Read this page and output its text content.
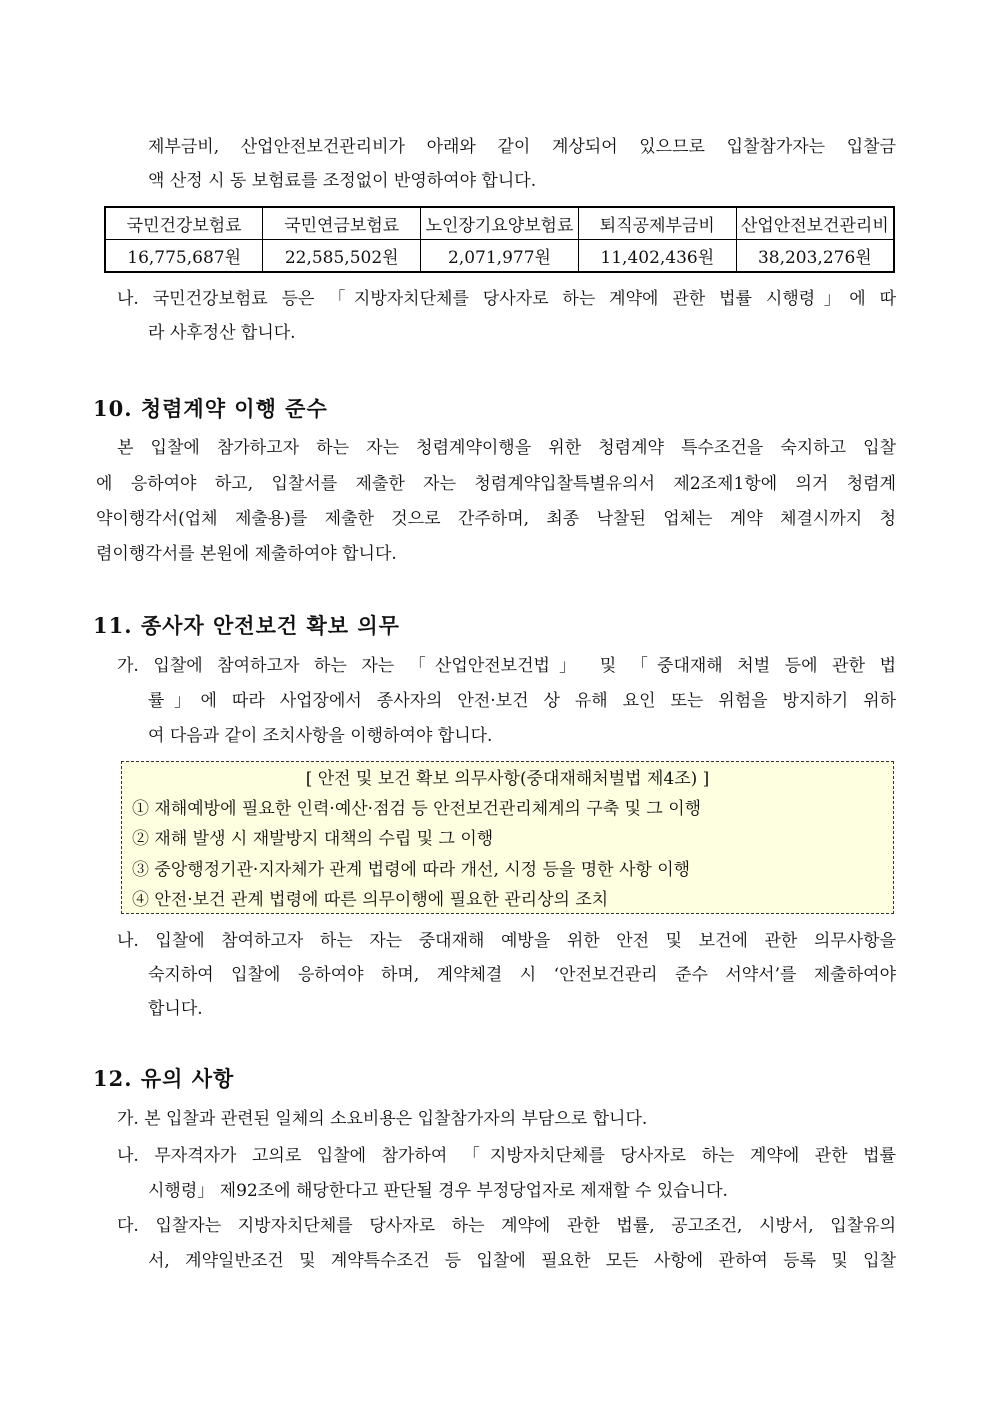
제부금비, 산업안전보건관리비가 아래와 같이 계상되어 있으므로 입찰참가자는 입찰금
액 산정 시 동 보험료를 조정없이 반영하여야 합니다.
국민건강보험료	국민연금보험료	노인장기요양보험료	퇴직공제부금비	산업안전보건관리비
16,775,687원	22,585,502원	2,071,977원	11,402,436원	38,203,276원
나. 국민건강보험료 등은 「지방자치단체를 당사자로 하는 계약에 관한 법률 시행령」에 따
라 사후정산 합니다.
10. 청렴계약 이행 준수
본 입찰에 참가하고자 하는 자는 청렴계약이행을 위한 청렴계약 특수조건을 숙지하고 입찰
에 응하여야 하고, 입찰서를 제출한 자는 청렴계약입찰특별유의서 제2조제1항에 의거 청렴계
약이행각서(업체 제출용)를 제출한 것으로 간주하며, 최종 낙찰된 업체는 계약 체결시까지 청
렴이행각서를 본원에 제출하여야 합니다.
11. 종사자 안전보건 확보 의무
가. 입찰에 참여하고자 하는 자는 「산업안전보건법」 및 「중대재해 처벌 등에 관한 법
률」에 따라 사업장에서 종사자의 안전·보건 상 유해 요인 또는 위험을 방지하기 위하
여 다음과 같이 조치사항을 이행하여야 합니다.
[ 안전 및 보건 확보 의무사항(중대재해처벌법 제4조) ]
① 재해예방에 필요한 인력·예산·점검 등 안전보건관리체계의 구축 및 그 이행
② 재해 발생 시 재발방지 대책의 수립 및 그 이행
③ 중앙행정기관·지자체가 관계 법령에 따라 개선, 시정 등을 명한 사항 이행
④ 안전·보건 관계 법령에 따른 의무이행에 필요한 관리상의 조치
나. 입찰에 참여하고자 하는 자는 중대재해 예방을 위한 안전 및 보건에 관한 의무사항을
숙지하여 입찰에 응하여야 하며, 계약체결 시 ‘안전보건관리 준수 서약서’를 제출하여야
합니다.
12. 유의 사항
가. 본 입찰과 관련된 일체의 소요비용은 입찰참가자의 부담으로 합니다.
나. 무자격자가 고의로 입찰에 참가하여 「지방자치단체를 당사자로 하는 계약에 관한 법률
시행령」 제92조에 해당한다고 판단될 경우 부정당업자로 제재할 수 있습니다.
다. 입찰자는 지방자치단체를 당사자로 하는 계약에 관한 법률, 공고조건, 시방서, 입찰유의
서, 계약일반조건 및 계약특수조건 등 입찰에 필요한 모든 사항에 관하여 등록 및 입찰
